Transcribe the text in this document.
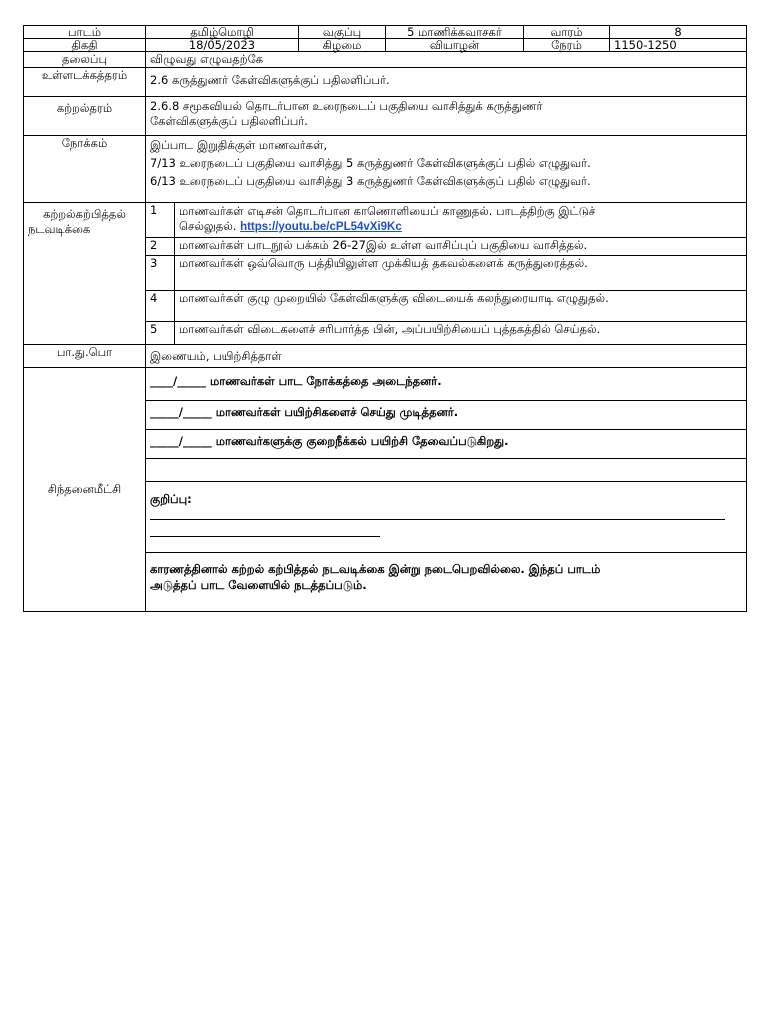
பாடம்	தமிழ்மொழி	வகுப்பு	5 மாணிக்கவாசகர்	வாரம்	8
திகதி	18/05/2023	கிழமை	வியாழன்	நேரம்	1150-1250
தலைப்பு	விழுவது எழுவதற்கே
உள்ளடக்கத்தரம்	2.6 கருத்துணர் கேள்விகளுக்குப் பதிலளிப்பர்.
கற்றல்தரம்	2.6.8 சமூகவியல் தொடர்பான உரைநடைப் பகுதியை வாசித்துக் கருத்துணர்
கேள்விகளுக்குப் பதிலளிப்பர்.

நோக்கம்	இப்பாட இறுதிக்குள் மாணவர்கள்,
7/13 உரைநடைப் பகுதியை வாசித்து 5 கருத்துணர் கேள்விகளுக்குப் பதில் எழுதுவர்.
6/13 உரைநடைப் பகுதியை வாசித்து 3 கருத்துணர் கேள்விகளுக்குப் பதில் எழுதுவர்.

கற்றல்கற்பித்தல்
நடவடிக்கை

1	மாணவர்கள் எடிசன் தொடர்பான காணொளியைப் காணுதல். பாடத்திற்கு இட்டுச்
செல்லுதல். https://youtu.be/cPL54vXi9Kc

2	மாணவர்கள் பாடநூல் பக்கம் 26-27இல் உள்ள வாசிப்புப் பகுதியை வாசித்தல்.
3	மாணவர்கள் ஒவ்வொரு பத்தியிலுள்ள முக்கியத் தகவல்களைக் கருத்துரைத்தல்.
4	மாணவர்கள் குழு முறையில் கேள்விகளுக்கு விடையைக் கலந்துரையாடி எழுதுதல்.
5	மாணவர்கள் விடைகளைச் சரிபார்த்த பின், அப்பயிற்சியைப் புத்தகத்தில் செய்தல்.

பா.து.பொ	இணையம், பயிற்சித்தாள்
சிந்தனைமீட்சி	
____/_____ மாணவர்கள் பாட நோக்கத்தை அடைந்தனர்.
_____/_____ மாணவர்கள் பயிற்சிகளைச் செய்து முடித்தனர்.
_____/_____ மாணவர்களுக்கு குறைநீக்கல் பயிற்சி தேவைப்படுகிறது.

குறிப்பு:

காரணத்தினால் கற்றல் கற்பித்தல் நடவடிக்கை இன்று நடைபெறவில்லை. இந்தப் பாடம்
அடுத்தப் பாட வேளையில் நடத்தப்படும்.
